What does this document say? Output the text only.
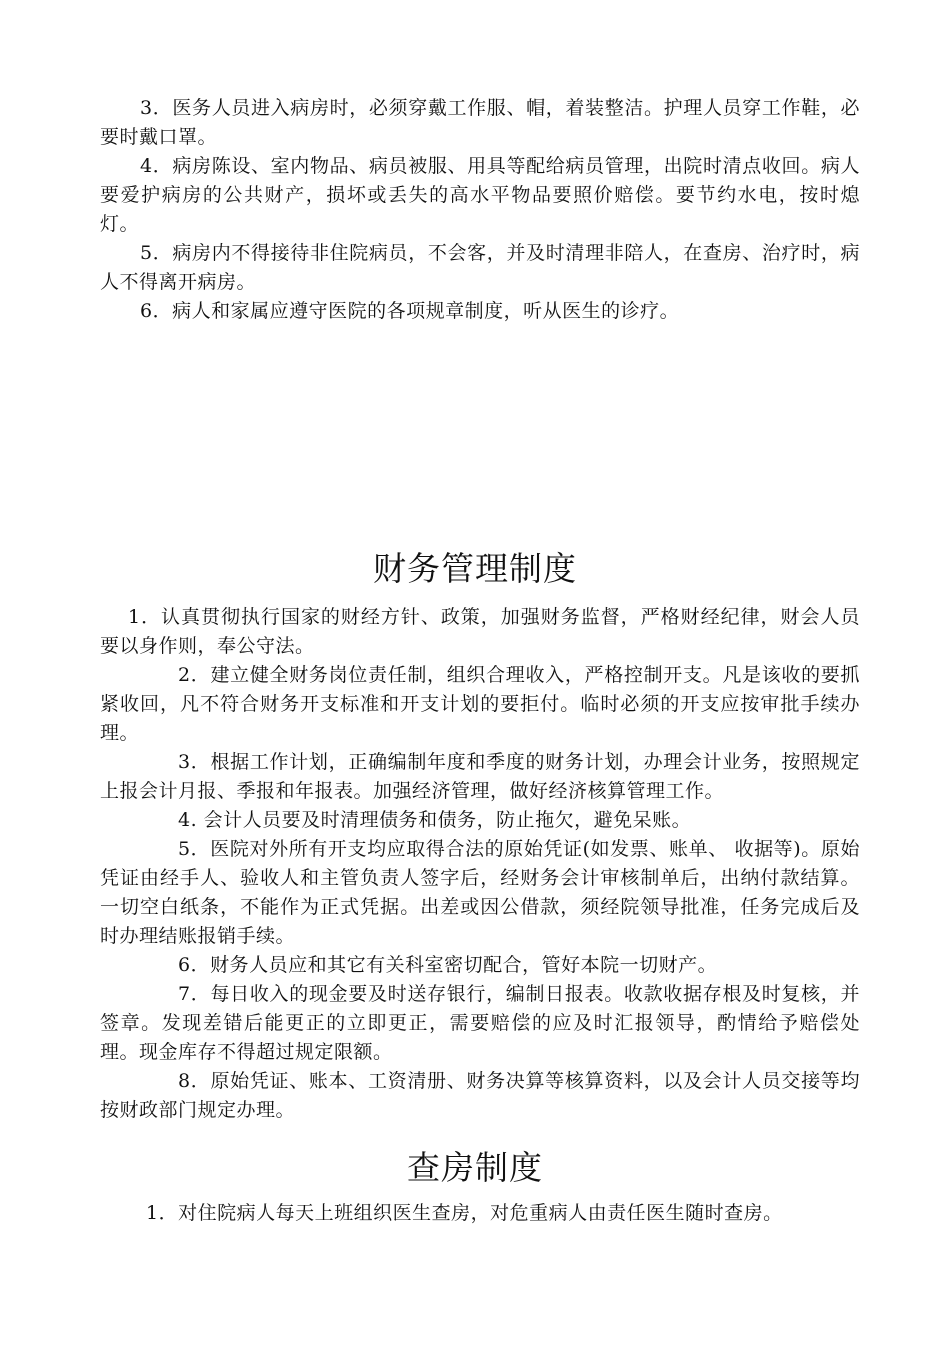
3．医务人员进入病房时，必须穿戴工作服、帽，着装整洁。护理人员穿工作鞋，必要时戴口罩。

4．病房陈设、室内物品、病员被服、用具等配给病员管理，出院时清点收回。病人要爱护病房的公共财产，损坏或丢失的高水平物品要照价赔偿。要节约水电，按时熄灯。

5．病房内不得接待非住院病员，不会客，并及时清理非陪人，在查房、治疗时，病人不得离开病房。

6．病人和家属应遵守医院的各项规章制度，听从医生的诊疗。

财务管理制度

1．认真贯彻执行国家的财经方针、政策，加强财务监督，严格财经纪律，财会人员要以身作则，奉公守法。

2．建立健全财务岗位责任制，组织合理收入，严格控制开支。凡是该收的要抓紧收回，凡不符合财务开支标准和开支计划的要拒付。临时必须的开支应按审批手续办理。

3．根据工作计划，正确编制年度和季度的财务计划，办理会计业务，按照规定上报会计月报、季报和年报表。加强经济管理，做好经济核算管理工作。

4. 会计人员要及时清理债务和债务，防止拖欠，避免呆账。

5．医院对外所有开支均应取得合法的原始凭证(如发票、账单、 收据等)。原始凭证由经手人、验收人和主管负责人签字后，经财务会计审核制单后，出纳付款结算。一切空白纸条，不能作为正式凭据。出差或因公借款，须经院领导批准，任务完成后及时办理结账报销手续。

6．财务人员应和其它有关科室密切配合，管好本院一切财产。

7．每日收入的现金要及时送存银行，编制日报表。收款收据存根及时复核，并签章。发现差错后能更正的立即更正，需要赔偿的应及时汇报领导，酌情给予赔偿处理。现金库存不得超过规定限额。

8．原始凭证、账本、工资清册、财务决算等核算资料，以及会计人员交接等均按财政部门规定办理。

查房制度

1．对住院病人每天上班组织医生查房，对危重病人由责任医生随时查房。
